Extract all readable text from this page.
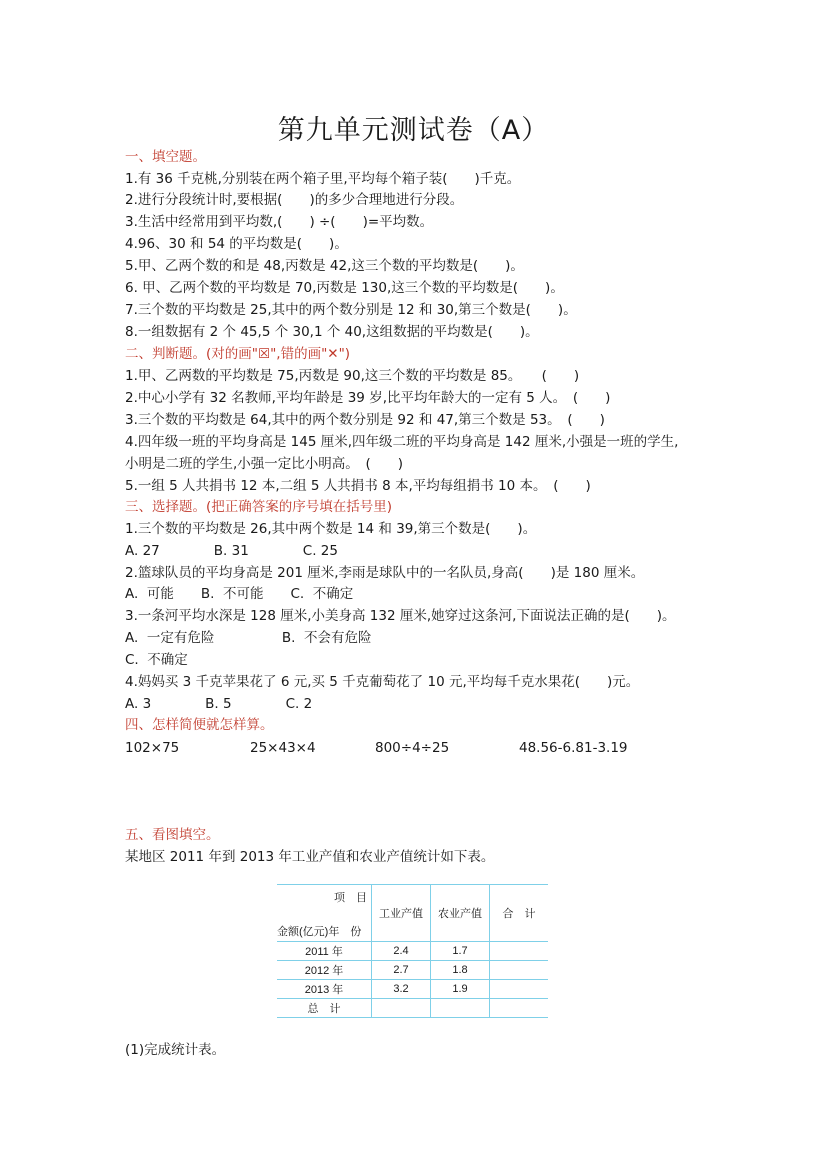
第九单元测试卷（A）
一、填空题。
1.有 36 千克桃,分别装在两个箱子里,平均每个箱子装(　　)千克。
2.进行分段统计时,要根据(　　)的多少合理地进行分段。
3.生活中经常用到平均数,(　　) ÷(　　)=平均数。
4.96、30 和 54 的平均数是(　　)。
5.甲、乙两个数的和是 48,丙数是 42,这三个数的平均数是(　　)。
6. 甲、乙两个数的平均数是 70,丙数是 130,这三个数的平均数是(　　)。
7.三个数的平均数是 25,其中的两个数分别是 12 和 30,第三个数是(　　)。
8.一组数据有 2 个 45,5 个 30,1 个 40,这组数据的平均数是(　　)。
二、判断题。(对的画"☒",错的画"✕")
1.甲、乙两数的平均数是 75,丙数是 90,这三个数的平均数是 85。　　(　　)
2.中心小学有 32 名教师,平均年龄是 39 岁,比平均年龄大的一定有 5 人。　(　　)
3.三个数的平均数是 64,其中的两个数分别是 92 和 47,第三个数是 53。　(　　)
4.四年级一班的平均身高是 145 厘米,四年级二班的平均身高是 142 厘米,小强是一班的学生,
小明是二班的学生,小强一定比小明高。　(　　)
5.一组 5 人共捐书 12 本,二组 5 人共捐书 8 本,平均每组捐书 10 本。　(　　)
三、选择题。(把正确答案的序号填在括号里)
1.三个数的平均数是 26,其中两个数是 14 和 39,第三个数是(　　)。
A. 27　　　　B. 31　　　　C. 25
2.篮球队员的平均身高是 201 厘米,李雨是球队中的一名队员,身高(　　)是 180 厘米。
A.  可能　　B.  不可能　　C.  不确定
3.一条河平均水深是 128 厘米,小美身高 132 厘米,她穿过这条河,下面说法正确的是(　　)。
A.  一定有危险　　　　　B.  不会有危险
C.  不确定
4.妈妈买 3 千克苹果花了 6 元,买 5 千克葡萄花了 10 元,平均每千克水果花(　　)元。
A. 3　　　　B. 5　　　　C. 2
四、怎样简便就怎样算。

102×75

	25×43×4

	800÷4÷25

	48.56-6.81-3.19

五、看图填空。
某地区 2011 年到 2013 年工业产值和农业产值统计如下表。
项　目
金额(亿元)年　份	工业产值	农业产值	合　计
2011 年	2.4	1.7	
2012 年	2.7	1.8	
2013 年	3.2	1.9	
总　计			
(1)完成统计表。
